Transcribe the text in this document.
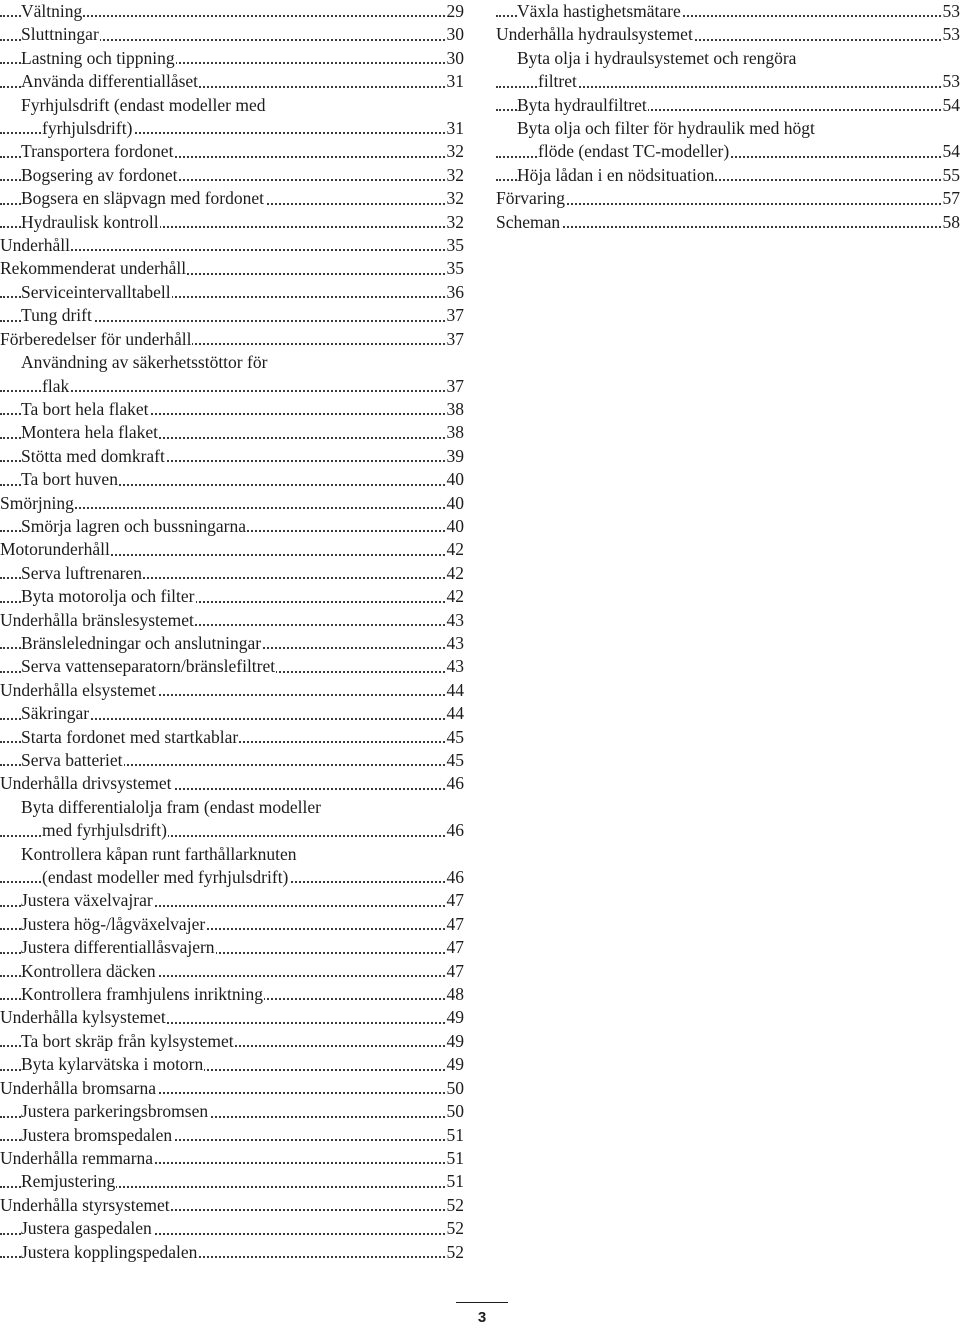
Vältning	29
Sluttningar	30
Lastning och tippning	30
Använda differentiallåset	31
Fyrhjulsdrift (endast modeller med
fyrhjulsdrift)	31
Transportera fordonet	32
Bogsering av fordonet	32
Bogsera en släpvagn med fordonet	32
Hydraulisk kontroll	32
Underhåll	35
Rekommenderat underhåll	35
Serviceintervalltabell	36
Tung drift	37
Förberedelser för underhåll	37
Användning av säkerhetsstöttor för
flak	37
Ta bort hela flaket	38
Montera hela flaket	38
Stötta med domkraft	39
Ta bort huven	40
Smörjning	40
Smörja lagren och bussningarna	40
Motorunderhåll	42
Serva luftrenaren	42
Byta motorolja och filter	42
Underhålla bränslesystemet	43
Bränsleledningar och anslutningar	43
Serva vattenseparatorn/bränslefiltret	43
Underhålla elsystemet	44
Säkringar	44
Starta fordonet med startkablar	45
Serva batteriet	45
Underhålla drivsystemet	46
Byta differentialolja fram (endast modeller
med fyrhjulsdrift)	46
Kontrollera kåpan runt farthållarknuten
(endast modeller med fyrhjulsdrift)	46
Justera växelvajrar	47
Justera hög-/lågväxelvajer	47
Justera differentiallåsvajern	47
Kontrollera däcken	47
Kontrollera framhjulens inriktning	48
Underhålla kylsystemet	49
Ta bort skräp från kylsystemet	49
Byta kylarvätska i motorn	49
Underhålla bromsarna	50
Justera parkeringsbromsen	50
Justera bromspedalen	51
Underhålla remmarna	51
Remjustering	51
Underhålla styrsystemet	52
Justera gaspedalen	52
Justera kopplingspedalen	52
Växla hastighetsmätare	53
Underhålla hydraulsystemet	53
Byta olja i hydraulsystemet och rengöra
filtret	53
Byta hydraulfiltret	54
Byta olja och filter för hydraulik med högt
flöde (endast TC-modeller)	54
Höja lådan i en nödsituation	55
Förvaring	57
Scheman	58
3
